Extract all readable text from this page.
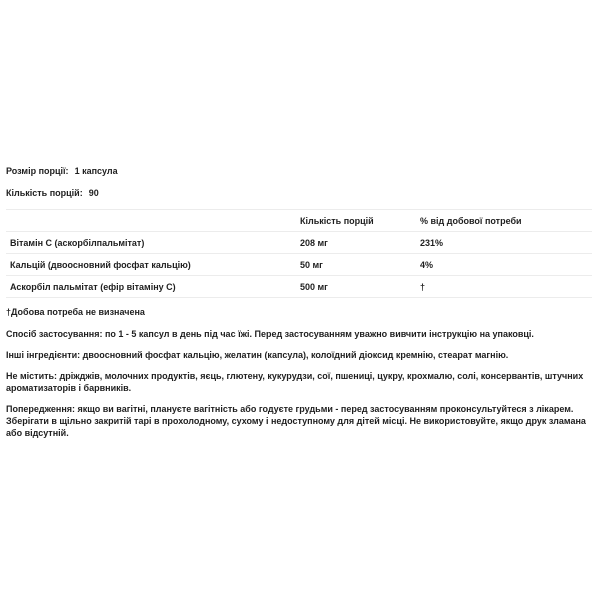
Розмір порції: 1 капсула
Кількість порцій: 90
	Кількість порцій	% від добової потреби
Вітамін С (аскорбілпальмітат)	208 мг	231%
Кальцій (двоосновний фосфат кальцію)	50 мг	4%
Аскорбіл пальмітат (ефір вітаміну С)	500 мг	†

†Добова потреба не визначена

Спосіб застосування: по 1 - 5 капсул в день під час їжі. Перед застосуванням уважно вивчити інструкцію на упаковці.

Інші інгредієнти: двоосновний фосфат кальцію, желатин (капсула), колоїдний діоксид кремнію, стеарат магнію.

Не містить: дріжджів, молочних продуктів, яєць, глютену, кукурудзи, сої, пшениці, цукру, крохмалю, солі, консервантів, штучних ароматизаторів і барвників.

Попередження: якщо ви вагітні, плануєте вагітність або годуєте грудьми - перед застосуванням проконсультуйтеся з лікарем. Зберігати в щільно закритій тарі в прохолодному, сухому і недоступному для дітей місці. Не використовуйте, якщо друк зламана або відсутній.
